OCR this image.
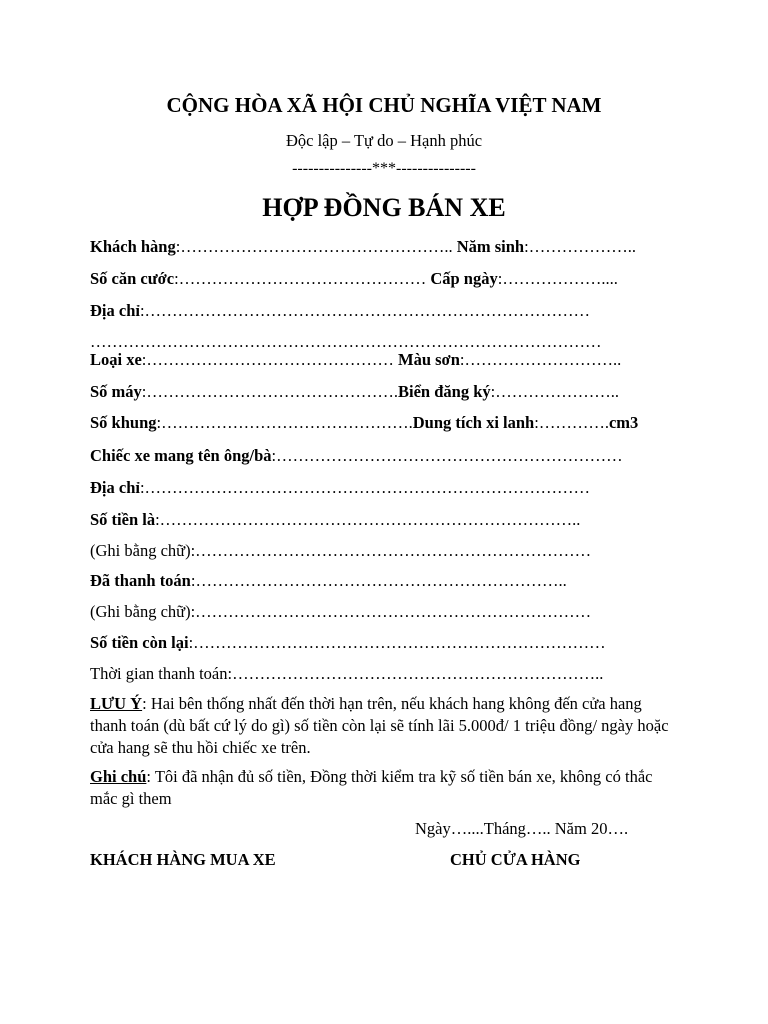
CỘNG HÒA XÃ HỘI CHỦ NGHĨA VIỆT NAM
Độc lập – Tự do – Hạnh phúc
---------------***---------------
HỢP ĐỒNG BÁN XE
Khách hàng:………………………………………….. Năm sinh:………………..
Số căn cước:……………………………………… Cấp ngày:………………....
Địa chỉ:………………………………………………………………………
…………………………………………………………………………………
Loại xe:……………………………………… Màu sơn:………………………..
Số máy:……………………………………….Biển đăng ký:…………………..
Số khung:……………………………………….Dung tích xi lanh:………….cm3
Chiếc xe mang tên ông/bà:………………………………………………………
Địa chỉ:………………………………………………………………………
Số tiền là:…………………………………………………………………..
(Ghi bằng chữ):………………………………………………………………
Đã thanh toán:…………………………………………………………..
(Ghi bằng chữ):………………………………………………………………
Số tiền còn lại:…………………………………………………………………
Thời gian thanh toán:…………………………………………………………..
LƯU Ý: Hai bên thống nhất đến thời hạn trên, nếu khách hang không đến cửa hang thanh toán (dù bất cứ lý do gì) số tiền còn lại sẽ tính lãi 5.000đ/ 1 triệu đồng/ ngày hoặc cửa hang sẽ thu hồi chiếc xe trên.
Ghi chú: Tôi đã nhận đủ số tiền, Đồng thời kiểm tra kỹ số tiền bán xe, không có thắc mắc gì them
Ngày…....Tháng….. Năm 20….
KHÁCH HÀNG MUA XE	CHỦ CỬA HÀNG
